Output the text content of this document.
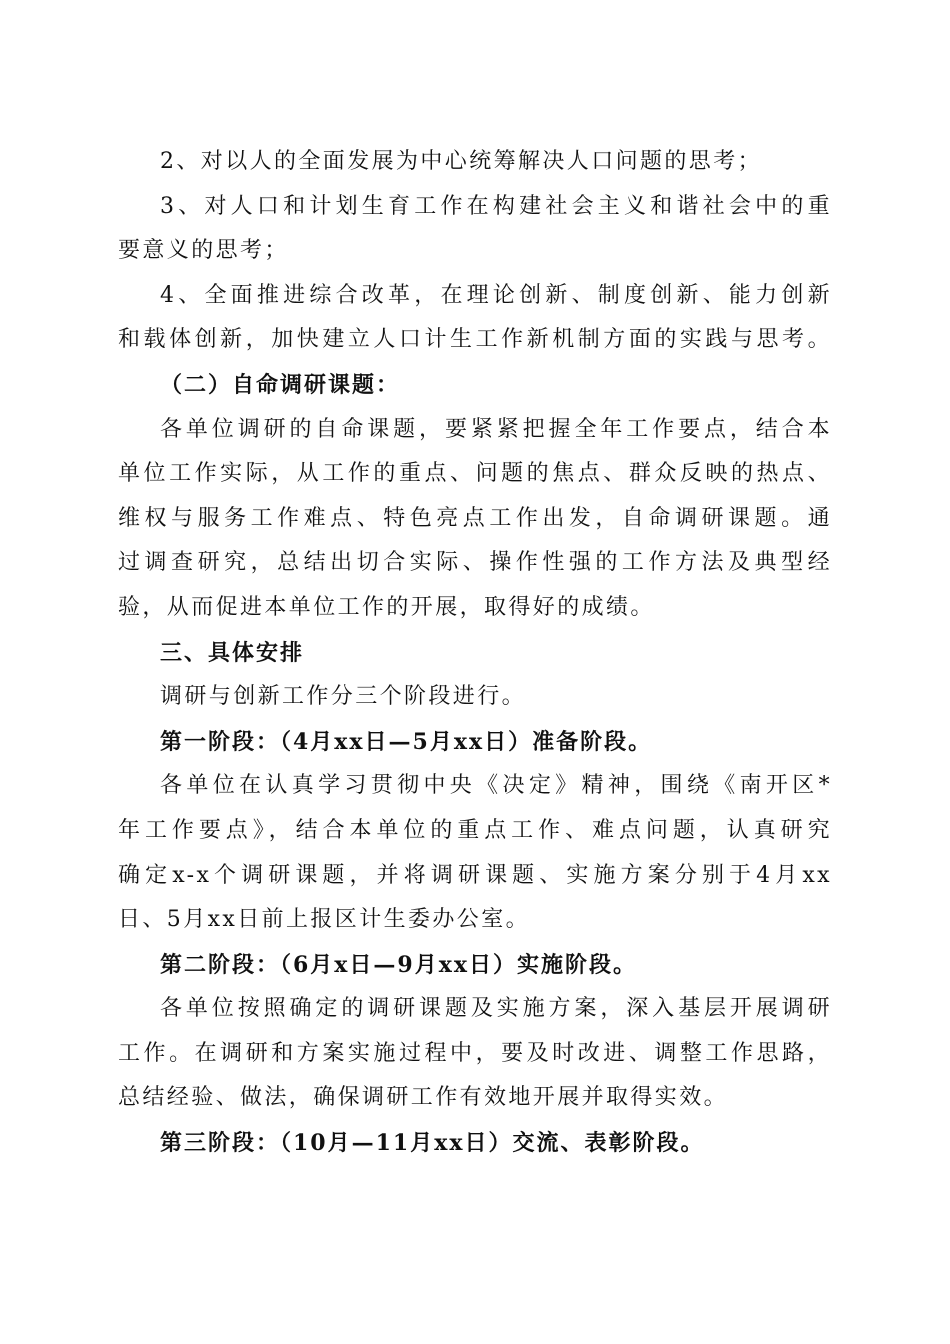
2、对以人的全面发展为中心统筹解决人口问题的思考；
3、对人口和计划生育工作在构建社会主义和谐社会中的重
要意义的思考；
4、全面推进综合改革，在理论创新、制度创新、能力创新
和载体创新，加快建立人口计生工作新机制方面的实践与思考。
（二）自命调研课题：
各单位调研的自命课题，要紧紧把握全年工作要点，结合本
单位工作实际，从工作的重点、问题的焦点、群众反映的热点、
维权与服务工作难点、特色亮点工作出发，自命调研课题。通
过调查研究，总结出切合实际、操作性强的工作方法及典型经
验，从而促进本单位工作的开展，取得好的成绩。
三、具体安排
调研与创新工作分三个阶段进行。
第一阶段：（4月xx日—5月xx日）准备阶段。
各单位在认真学习贯彻中央《决定》精神，围绕《南开区*
年工作要点》，结合本单位的重点工作、难点问题，认真研究
确定x-x个调研课题，并将调研课题、实施方案分别于4月xx
日、5月xx日前上报区计生委办公室。
第二阶段：（6月x日—9月xx日）实施阶段。
各单位按照确定的调研课题及实施方案，深入基层开展调研
工作。在调研和方案实施过程中，要及时改进、调整工作思路，
总结经验、做法，确保调研工作有效地开展并取得实效。
第三阶段：（10月—11月xx日）交流、表彰阶段。
